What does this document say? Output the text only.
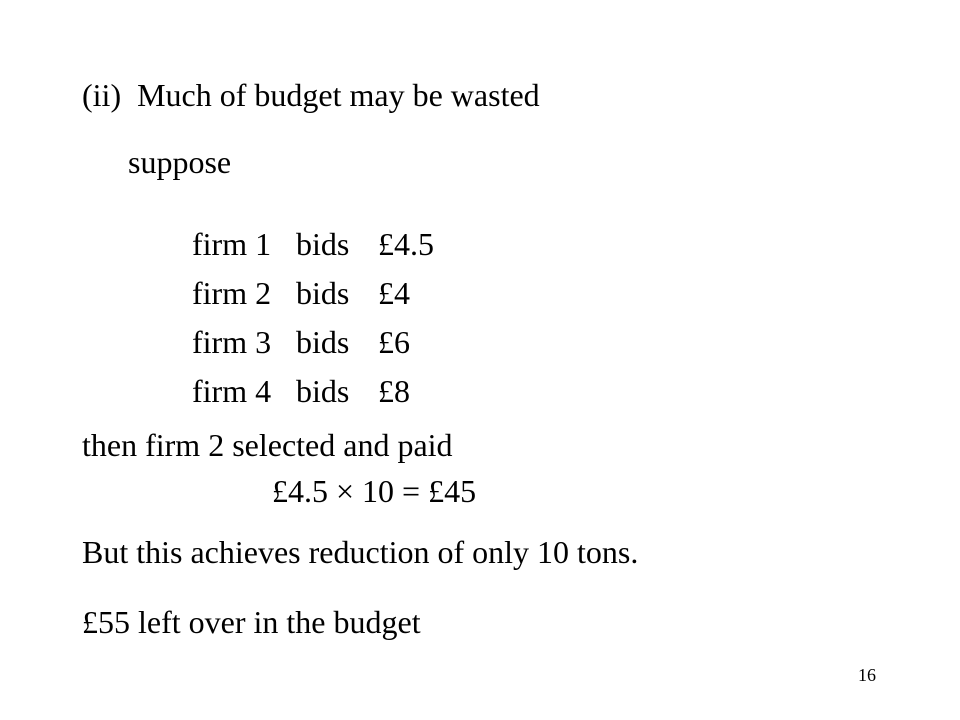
(ii)  Much of budget may be wasted
suppose

firm 1 bids £4.5

firm 2 bids £4

firm 3 bids £6

firm 4 bids £8

then firm 2 selected and paid
£4.5 × 10 = £45
But this achieves reduction of only 10 tons.
£55 left over in the budget
16
